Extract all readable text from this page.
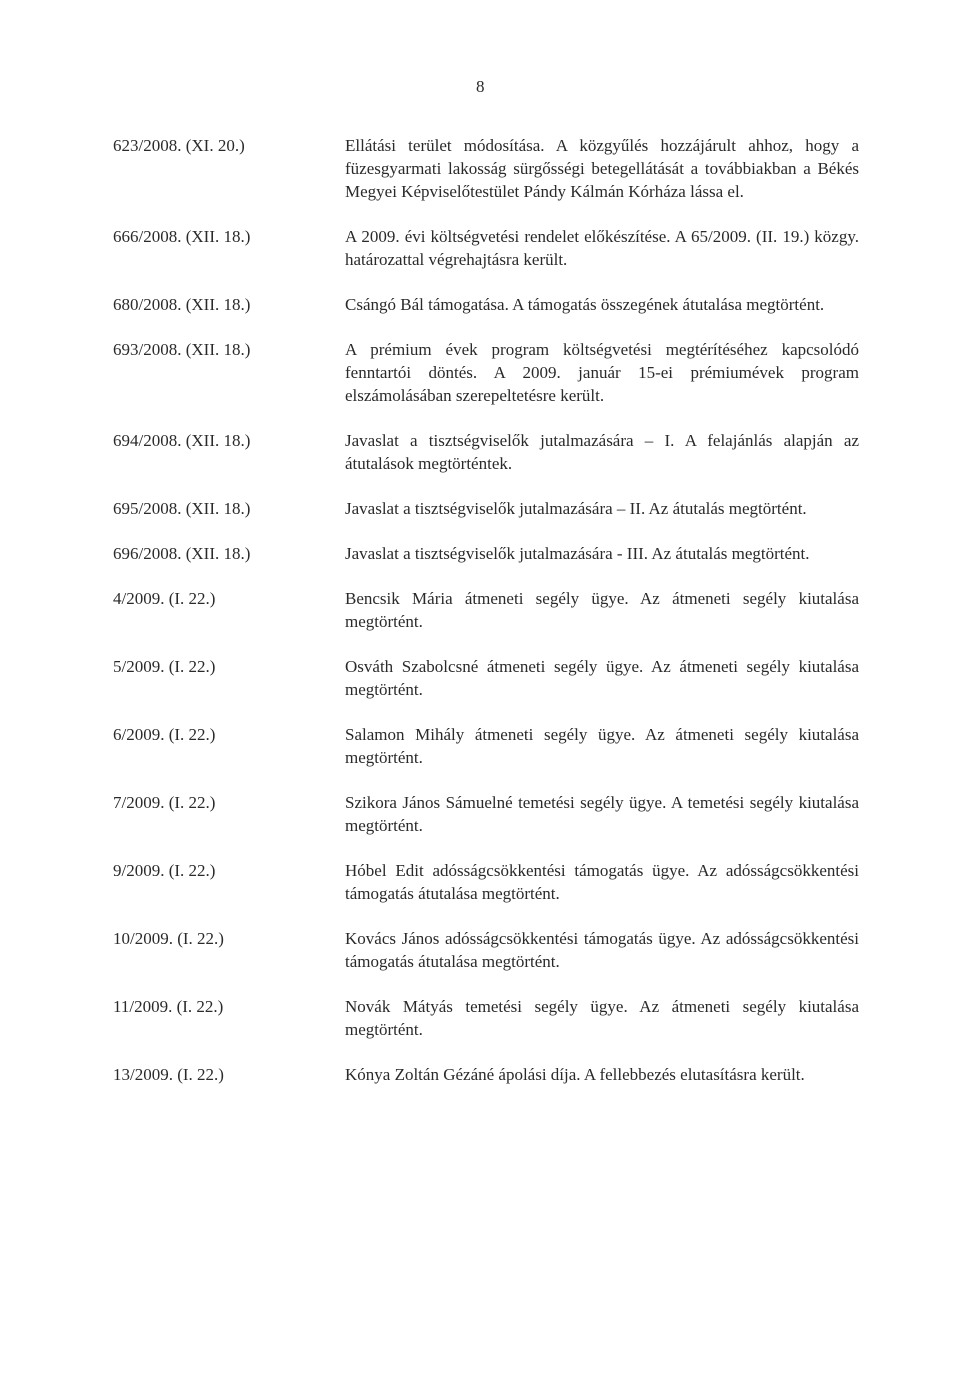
8
623/2008. (XI. 20.)	Ellátási terület módosítása. A közgyűlés hozzájárult ahhoz, hogy a füzesgyarmati lakosság sürgősségi betegellátását a továbbiakban a Békés Megyei Képviselőtestület Pándy Kálmán Kórháza lássa el.
666/2008. (XII. 18.)	A 2009. évi költségvetési rendelet előkészítése. A 65/2009. (II. 19.) közgy. határozattal végrehajtásra került.
680/2008. (XII. 18.)	Csángó Bál támogatása. A támogatás összegének átutalása megtörtént.
693/2008. (XII. 18.)	A prémium évek program költségvetési megtérítéséhez kapcsolódó fenntartói döntés. A 2009. január 15-ei prémiumévek program elszámolásában szerepeltetésre került.
694/2008. (XII. 18.)	Javaslat a tisztségviselők jutalmazására – I. A felajánlás alapján az átutalások megtörténtek.
695/2008. (XII. 18.)	Javaslat a tisztségviselők jutalmazására – II. Az átutalás megtörtént.
696/2008. (XII. 18.)	Javaslat a tisztségviselők jutalmazására - III. Az átutalás megtörtént.
4/2009. (I. 22.)	Bencsik Mária átmeneti segély ügye. Az átmeneti segély kiutalása megtörtént.
5/2009. (I. 22.)	Osváth Szabolcsné átmeneti segély ügye. Az átmeneti segély kiutalása megtörtént.
6/2009. (I. 22.)	Salamon Mihály átmeneti segély ügye. Az átmeneti segély kiutalása megtörtént.
7/2009. (I. 22.)	Szikora János Sámuelné temetési segély ügye. A temetési segély kiutalása megtörtént.
9/2009. (I. 22.)	Hóbel Edit adósságcsökkentési támogatás ügye. Az adósságcsökkentési támogatás átutalása megtörtént.
10/2009. (I. 22.)	Kovács János adósságcsökkentési támogatás ügye. Az adósságcsökkentési támogatás átutalása megtörtént.
11/2009. (I. 22.)	Novák Mátyás temetési segély ügye. Az átmeneti segély kiutalása megtörtént.
13/2009. (I. 22.)	Kónya Zoltán Gézáné ápolási díja. A fellebbezés elutasításra került.
